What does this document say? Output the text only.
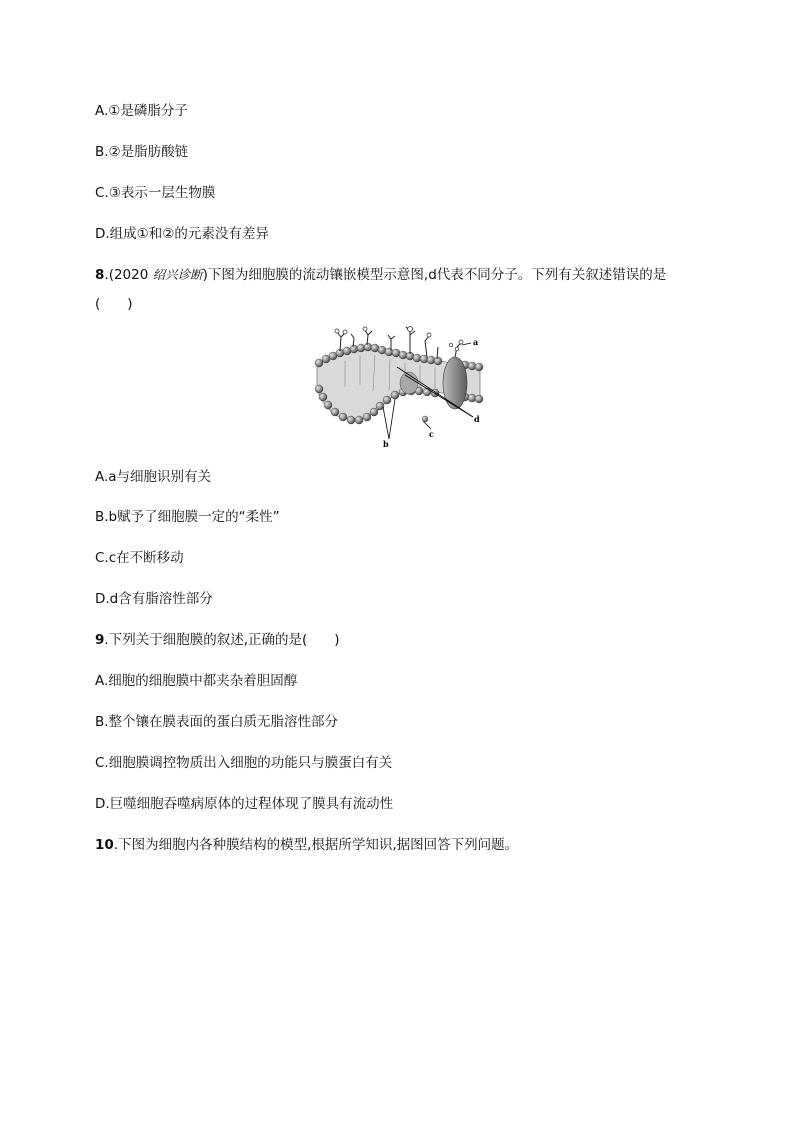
A.①是磷脂分子
B.②是脂肪酸链
C.③表示一层生物膜
D.组成①和②的元素没有差异
8.(2020 绍兴诊断)下图为细胞膜的流动镶嵌模型示意图,d代表不同分子。下列有关叙述错误的是
(　　)
a
d
b
c
A.a与细胞识别有关
B.b赋予了细胞膜一定的“柔性”
C.c在不断移动
D.d含有脂溶性部分
9.下列关于细胞膜的叙述,正确的是(　　)
A.细胞的细胞膜中都夹杂着胆固醇
B.整个镶在膜表面的蛋白质无脂溶性部分
C.细胞膜调控物质出入细胞的功能只与膜蛋白有关
D.巨噬细胞吞噬病原体的过程体现了膜具有流动性
10.下图为细胞内各种膜结构的模型,根据所学知识,据图回答下列问题。
